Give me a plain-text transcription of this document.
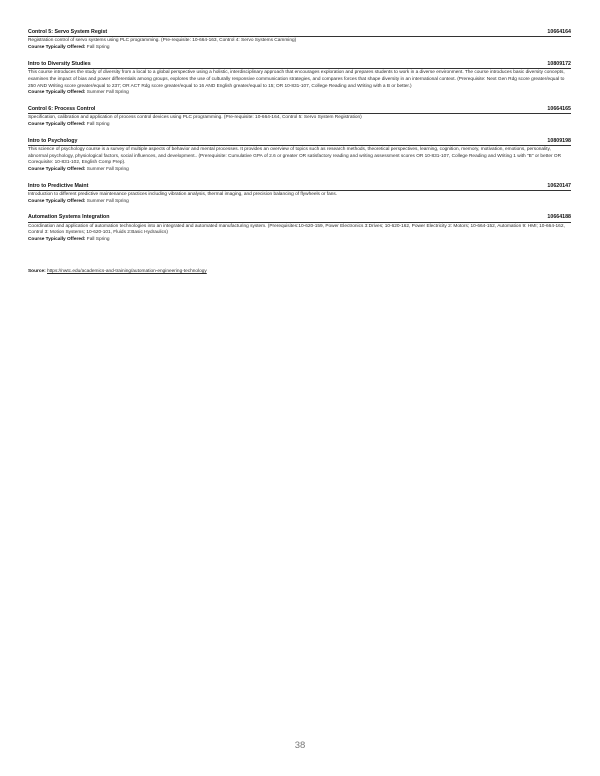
Control 5: Servo System Regist	10664164
Registration control of servo systems using PLC programming. (Pre-requisite: 10-664-163, Control 4: Servo Systems Camming)
Course Typically Offered: Fall Spring
Intro to Diversity Studies	10809172
This course introduces the study of diversity from a local to a global perspective using a holistic, interdisciplinary approach that encourages exploration and prepares students to work in a diverse environment. The course introduces basic diversity concepts, examines the impact of bias and power differentials among groups, explores the use of culturally responsive communication strategies, and compares forces that shape diversity in an international context. (Prerequisite: Next Gen Rdg score greater/equal to 250 AND Writing score greater/equal to 237; OR ACT Rdg score greater/equal to 16 AND English greater/equal to 15; OR 10-831-107, College Reading and Writing with a B or better.)
Course Typically Offered: Summer Fall Spring
Control 6: Process Control	10664165
Specification, calibration and application of process control devices using PLC programming. (Pre-requisite: 10-664-164, Control 5: Servo System Registration)
Course Typically Offered: Fall Spring
Intro to Psychology	10809198
This science of psychology course is a survey of multiple aspects of behavior and mental processes. It provides an overview of topics such as research methods, theoretical perspectives, learning, cognition, memory, motivation, emotions, personality, abnormal psychology, physiological factors, social influences, and development.. (Prerequisite: Cumulative GPA of 2.6 or greater OR satisfactory reading and writing assessment scores OR 10-831-107, College Reading and Writing 1 with "B" or better OR Corequisite: 10-831-102, English Comp Prep).
Course Typically Offered: Summer Fall Spring
Intro to Predictive Maint	10620147
Introduction to different predictive maintenance practices including vibration analysis, thermal imaging, and precision balancing of flywheels or fans.
Course Typically Offered: Summer Fall Spring
Automation Systems Integration	10664188
Coordination and application of automation technologies into an integrated and automated manufacturing system. (Prerequisites:10-620-159, Power Electronics 3:Drives; 10-620-162, Power Electricity 2: Motors; 10-664-152, Automation 9: HMI; 10-664-162, Control 3: Motion Systems; 10-620-101, Fluids 2:Basic Hydraulics)
Course Typically Offered: Fall Spring
Source: https://nwtc.edu/academics-and-training/automation-engineering-technology
38
